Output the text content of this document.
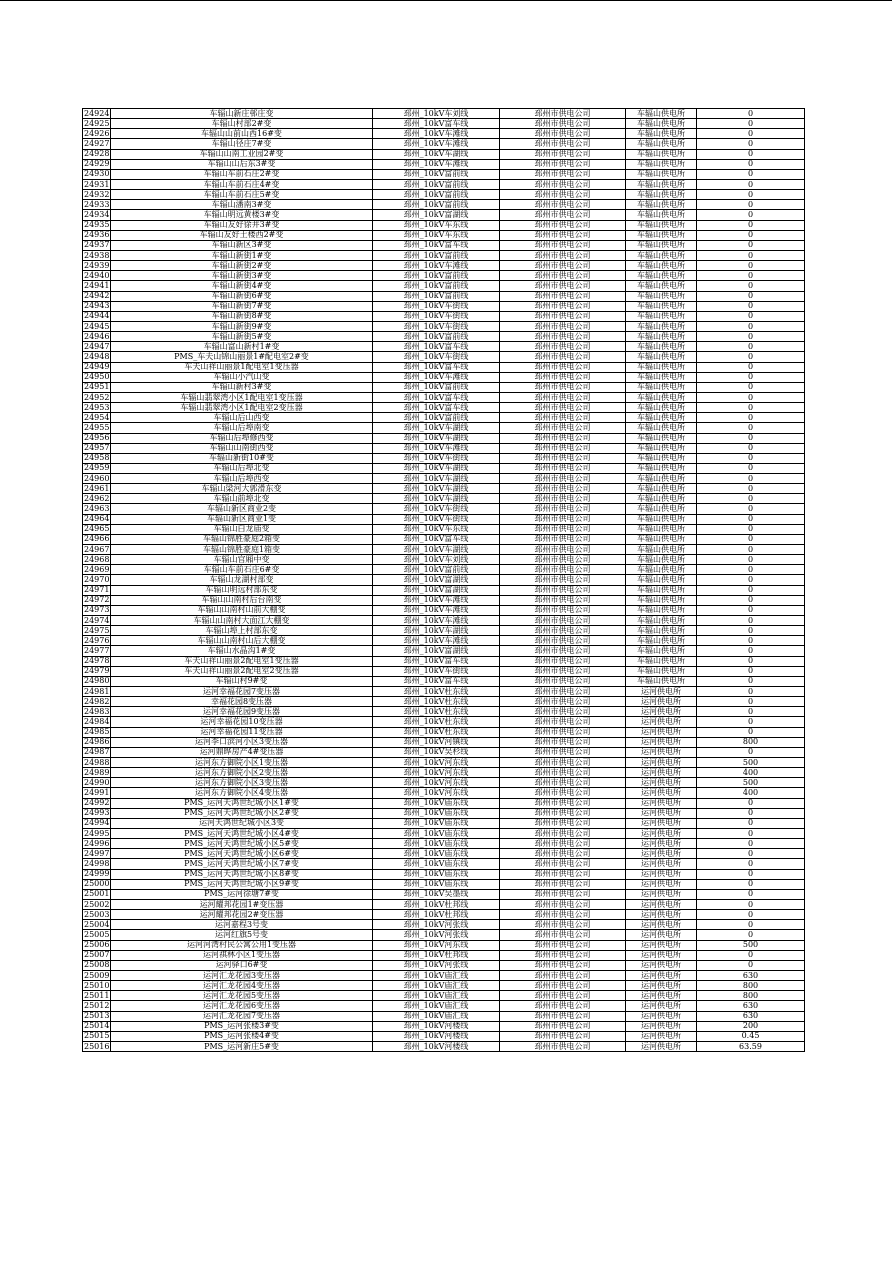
24924	车辐山新庄邨庄变	邳州_10kV车刘线	邳州市供电公司	车辐山供电所	0
24925	车辐山村部2#变	邳州_10kV富车线	邳州市供电公司	车辐山供电所	0
24926	车辐山山前山西16#变	邳州_10kV车滩线	邳州市供电公司	车辐山供电所	0
24927	车辐山径庄7#变	邳州_10kV车滩线	邳州市供电公司	车辐山供电所	0
24928	车辐山山南工业园2#变	邳州_10kV车湖线	邳州市供电公司	车辐山供电所	0
24929	车辐山山后东3#变	邳州_10kV车滩线	邳州市供电公司	车辐山供电所	0
24930	车辐山车前石庄2#变	邳州_10kV富前线	邳州市供电公司	车辐山供电所	0
24931	车辐山车前石庄4#变	邳州_10kV富前线	邳州市供电公司	车辐山供电所	0
24932	车辐山车前石庄5#变	邳州_10kV富前线	邳州市供电公司	车辐山供电所	0
24933	车辐山潘南3#变	邳州_10kV富前线	邳州市供电公司	车辐山供电所	0
24934	车辐山明远黄楼3#变	邳州_10kV富湖线	邳州市供电公司	车辐山供电所	0
24935	车辐山友好徐井3#变	邳州_10kV车东线	邳州市供电公司	车辐山供电所	0
24936	车辐山友好土楼西2#变	邳州_10kV车东线	邳州市供电公司	车辐山供电所	0
24937	车辐山新区3#变	邳州_10kV富车线	邳州市供电公司	车辐山供电所	0
24938	车辐山新街1#变	邳州_10kV富前线	邳州市供电公司	车辐山供电所	0
24939	车辐山新街2#变	邳州_10kV车滩线	邳州市供电公司	车辐山供电所	0
24940	车辐山新街3#变	邳州_10kV富前线	邳州市供电公司	车辐山供电所	0
24941	车辐山新街4#变	邳州_10kV富前线	邳州市供电公司	车辐山供电所	0
24942	车辐山新街6#变	邳州_10kV富前线	邳州市供电公司	车辐山供电所	0
24943	车辐山新街7#变	邳州_10kV车街线	邳州市供电公司	车辐山供电所	0
24944	车辐山新街8#变	邳州_10kV车街线	邳州市供电公司	车辐山供电所	0
24945	车辐山新街9#变	邳州_10kV车街线	邳州市供电公司	车辐山供电所	0
24946	车辐山新街5#变	邳州_10kV富前线	邳州市供电公司	车辐山供电所	0
24947	车辐山富山新村1#变	邳州_10kV富车线	邳州市供电公司	车辐山供电所	0
24948	PMS_车夫山锦山丽景1#配电室2#变	邳州_10kV车街线	邳州市供电公司	车辐山供电所	0
24949	车夫山祥山丽景1配电室1变压器	邳州_10kV富车线	邳州市供电公司	车辐山供电所	0
24950	车辐山小汽山变	邳州_10kV车滩线	邳州市供电公司	车辐山供电所	0
24951	车辐山新村3#变	邳州_10kV富前线	邳州市供电公司	车辐山供电所	0
24952	车辐山翡翠湾小区1配电室1变压器	邳州_10kV富车线	邳州市供电公司	车辐山供电所	0
24953	车辐山翡翠湾小区1配电室2变压器	邳州_10kV富车线	邳州市供电公司	车辐山供电所	0
24954	车辐山后山西变	邳州_10kV富前线	邳州市供电公司	车辐山供电所	0
24955	车辐山后埠南变	邳州_10kV车湖线	邳州市供电公司	车辐山供电所	0
24956	车辐山后埠修西变	邳州_10kV车湖线	邳州市供电公司	车辐山供电所	0
24957	车辐山山南街西变	邳州_10kV车滩线	邳州市供电公司	车辐山供电所	0
24958	车辐山新街10#变	邳州_10kV车街线	邳州市供电公司	车辐山供电所	0
24959	车辐山后埠北变	邳州_10kV车湖线	邳州市供电公司	车辐山供电所	0
24960	车辐山后埠西变	邳州_10kV车湖线	邳州市供电公司	车辐山供电所	0
24961	车辐山梁河大郭滑东变	邳州_10kV车湖线	邳州市供电公司	车辐山供电所	0
24962	车辐山前埠北变	邳州_10kV车湖线	邳州市供电公司	车辐山供电所	0
24963	车辐山新区商业2变	邳州_10kV车街线	邳州市供电公司	车辐山供电所	0
24964	车辐山新区商业1变	邳州_10kV车街线	邳州市供电公司	车辐山供电所	0
24965	车辐山白龙庙变	邳州_10kV车东线	邳州市供电公司	车辐山供电所	0
24966	车辐山锦胜豪庭2箱变	邳州_10kV富车线	邳州市供电公司	车辐山供电所	0
24967	车辐山锦胜豪庭1箱变	邳州_10kV车湖线	邳州市供电公司	车辐山供电所	0
24968	车辐山官厢中变	邳州_10kV车刘线	邳州市供电公司	车辐山供电所	0
24969	车辐山车前石庄6#变	邳州_10kV富前线	邳州市供电公司	车辐山供电所	0
24970	车辐山龙湖村部变	邳州_10kV富湖线	邳州市供电公司	车辐山供电所	0
24971	车辐山明远村部东变	邳州_10kV富湖线	邳州市供电公司	车辐山供电所	0
24972	车辐山山南村后台南变	邳州_10kV车滩线	邳州市供电公司	车辐山供电所	0
24973	车辐山山南村山前大棚变	邳州_10kV车滩线	邳州市供电公司	车辐山供电所	0
24974	车辐山山南村大面江大棚变	邳州_10kV车滩线	邳州市供电公司	车辐山供电所	0
24975	车辐山埠上村部东变	邳州_10kV车湖线	邳州市供电公司	车辐山供电所	0
24976	车辐山山南村山后大棚变	邳州_10kV车滩线	邳州市供电公司	车辐山供电所	0
24977	车辐山水晶沟1#变	邳州_10kV富湖线	邳州市供电公司	车辐山供电所	0
24978	车夫山祥山丽景2配电室1变压器	邳州_10kV富车线	邳州市供电公司	车辐山供电所	0
24979	车夫山祥山丽景2配电室2变压器	邳州_10kV车街线	邳州市供电公司	车辐山供电所	0
24980	车辐山村9#变	邳州_10kV富车线	邳州市供电公司	车辐山供电所	0
24981	运河幸福花园7变压器	邳州_10kV杜东线	邳州市供电公司	运河供电所	0
24982	幸福花园8变压器	邳州_10kV杜东线	邳州市供电公司	运河供电所	0
24983	运河幸福花园9变压器	邳州_10kV杜东线	邳州市供电公司	运河供电所	0
24984	运河幸福花园10变压器	邳州_10kV杜东线	邳州市供电公司	运河供电所	0
24985	运河幸福花园11变压器	邳州_10kV杜东线	邳州市供电公司	运河供电所	0
24986	运河李口滨河小区3变压器	邳州_10kV河镇线	邳州市供电公司	运河供电所	800
24987	运河鼎晔房产4#变压器	邳州_10kV吴杉线	邳州市供电公司	运河供电所	0
24988	运河东方御院小区1变压器	邳州_10kV河东线	邳州市供电公司	运河供电所	500
24989	运河东方御院小区2变压器	邳州_10kV河东线	邳州市供电公司	运河供电所	400
24990	运河东方御院小区3变压器	邳州_10kV河东线	邳州市供电公司	运河供电所	500
24991	运河东方御院小区4变压器	邳州_10kV河东线	邳州市供电公司	运河供电所	400
24992	PMS_运河天鸿世纪城小区1#变	邳州_10kV庙东线	邳州市供电公司	运河供电所	0
24993	PMS_运河天鸿世纪城小区2#变	邳州_10kV庙东线	邳州市供电公司	运河供电所	0
24994	运河天鸿世纪城小区3变	邳州_10kV庙东线	邳州市供电公司	运河供电所	0
24995	PMS_运河天鸿世纪城小区4#变	邳州_10kV庙东线	邳州市供电公司	运河供电所	0
24996	PMS_运河天鸿世纪城小区5#变	邳州_10kV庙东线	邳州市供电公司	运河供电所	0
24997	PMS_运河天鸿世纪城小区6#变	邳州_10kV庙东线	邳州市供电公司	运河供电所	0
24998	PMS_运河天鸿世纪城小区7#变	邳州_10kV庙东线	邳州市供电公司	运河供电所	0
24999	PMS_运河天鸿世纪城小区8#变	邳州_10kV庙东线	邳州市供电公司	运河供电所	0
25000	PMS_运河天鸿世纪城小区9#变	邳州_10kV庙东线	邳州市供电公司	运河供电所	0
25001	PMS_运河徐塘7#变	邳州_10kV吴墨线	邳州市供电公司	运河供电所	0
25002	运河耀邦花园1#变压器	邳州_10kV杜邦线	邳州市供电公司	运河供电所	0
25003	运河耀邦花园2#变压器	邳州_10kV杜邦线	邳州市供电公司	运河供电所	0
25004	运河嘉程3号变	邳州_10kV河张线	邳州市供电公司	运河供电所	0
25005	运河红旗5号变	邳州_10kV河张线	邳州市供电公司	运河供电所	0
25006	运河河湾村民公寓公用1变压器	邳州_10kV河东线	邳州市供电公司	运河供电所	500
25007	运河祺林小区1变压器	邳州_10kV杜邦线	邳州市供电公司	运河供电所	0
25008	运河驿口6#变	邳州_10kV河张线	邳州市供电公司	运河供电所	0
25009	运河汇龙花园3变压器	邳州_10kV庙汇线	邳州市供电公司	运河供电所	630
25010	运河汇龙花园4变压器	邳州_10kV庙汇线	邳州市供电公司	运河供电所	800
25011	运河汇龙花园5变压器	邳州_10kV庙汇线	邳州市供电公司	运河供电所	800
25012	运河汇龙花园6变压器	邳州_10kV庙汇线	邳州市供电公司	运河供电所	630
25013	运河汇龙花园7变压器	邳州_10kV庙汇线	邳州市供电公司	运河供电所	630
25014	PMS_运河张楼3#变	邳州_10kV河楼线	邳州市供电公司	运河供电所	200
25015	PMS_运河张楼4#变	邳州_10kV河楼线	邳州市供电公司	运河供电所	0.45
25016	PMS_运河新庄5#变	邳州_10kV河楼线	邳州市供电公司	运河供电所	63.59
